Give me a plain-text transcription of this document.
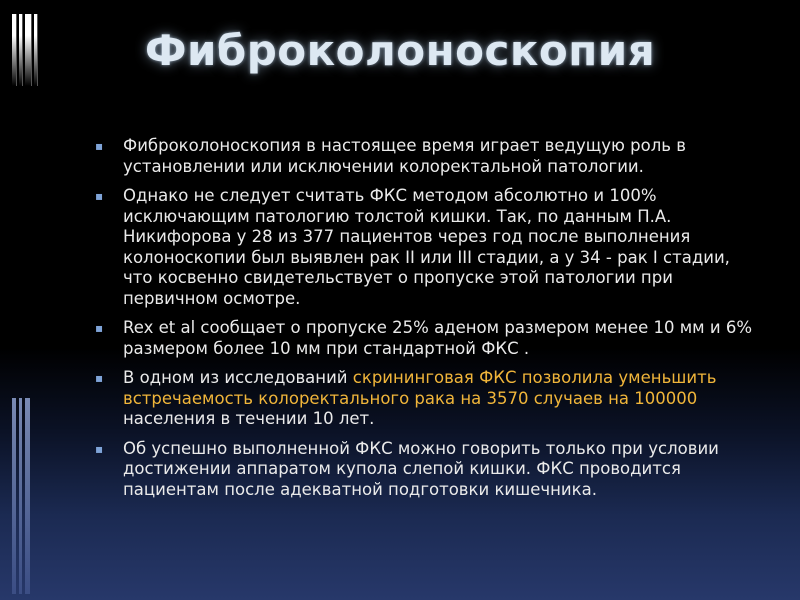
Фиброколоноскопия
▪ Фиброколоноскопия в настоящее время играет ведущую роль в установлении или исключении колоректальной патологии.
▪ Однако не следует считать ФКС методом абсолютно и 100% исключающим патологию толстой кишки. Так, по данным П.А. Никифорова у 28 из 377 пациентов через год после выполнения колоноскопии был выявлен рак II или III стадии, а у 34 - рак I стадии, что косвенно свидетельствует о пропуске этой патологии при первичном осмотре.
▪ Rex et al сообщает о пропуске 25% аденом размером менее 10 мм и 6% размером более 10 мм при стандартной ФКС .
▪ В одном из исследований скрининговая ФКС позволила уменьшить встречаемость колоректального рака на 3570 случаев на 100000 населения в течении 10 лет.
▪ Об успешно выполненной ФКС можно говорить только при условии достижении аппаратом купола слепой кишки. ФКС проводится пациентам после адекватной подготовки кишечника.
